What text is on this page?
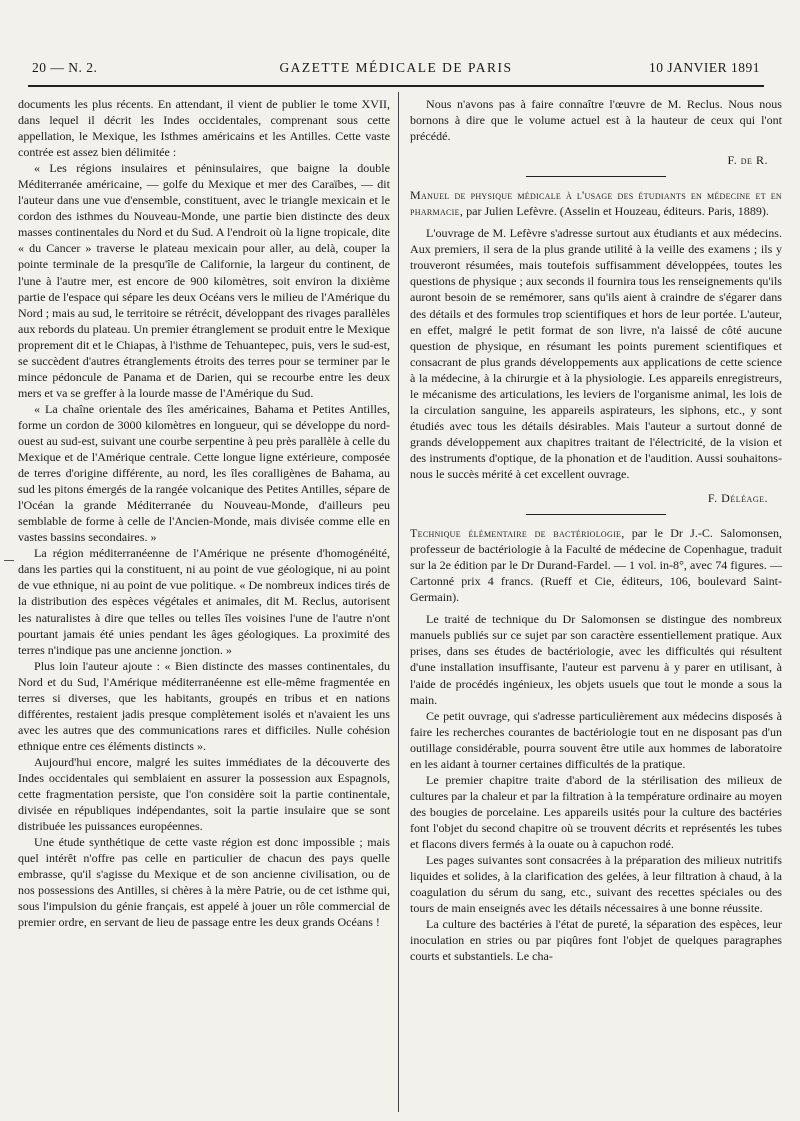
20 — N. 2.	GAZETTE MÉDICALE DE PARIS	10 JANVIER 1891

documents les plus récents. En attendant, il vient de publier le tome XVII, dans lequel il décrit les Indes occidentales, comprenant sous cette appellation, le Mexique, les Isthmes américains et les Antilles. Cette vaste contrée est assez bien délimitée :

« Les régions insulaires et péninsulaires, que baigne la double Méditerranée américaine, — golfe du Mexique et mer des Caraïbes, — dit l'auteur dans une vue d'ensemble, constituent, avec le triangle mexicain et le cordon des isthmes du Nouveau-Monde, une partie bien distincte des deux masses continentales du Nord et du Sud. A l'endroit où la ligne tropicale, dite « du Cancer » traverse le plateau mexicain pour aller, au delà, couper la pointe terminale de la presqu'île de Californie, la largeur du continent, de l'une à l'autre mer, est encore de 900 kilomètres, soit environ la dixième partie de l'espace qui sépare les deux Océans vers le milieu de l'Amérique du Nord ; mais au sud, le territoire se rétrécit, développant des rivages parallèles aux rebords du plateau. Un premier étranglement se produit entre le Mexique proprement dit et le Chiapas, à l'isthme de Tehuantepec, puis, vers le sud-est, se succèdent d'autres étranglements étroits des terres pour se terminer par le mince pédoncule de Panama et de Darien, qui se recourbe entre les deux mers et va se greffer à la lourde masse de l'Amérique du Sud.

« La chaîne orientale des îles américaines, Bahama et Petites Antilles, forme un cordon de 3000 kilomètres en longueur, qui se développe du nord-ouest au sud-est, suivant une courbe serpentine à peu près parallèle à celle du Mexique et de l'Amérique centrale. Cette longue ligne extérieure, composée de terres d'origine différente, au nord, les îles coralligènes de Bahama, au sud les pitons émergés de la rangée volcanique des Petites Antilles, sépare de l'Océan la grande Méditerranée du Nouveau-Monde, d'ailleurs peu semblable de forme à celle de l'Ancien-Monde, mais divisée comme elle en vastes bassins secondaires. »

La région méditerranéenne de l'Amérique ne présente d'homogénéité, dans les parties qui la constituent, ni au point de vue géologique, ni au point de vue ethnique, ni au point de vue politique. « De nombreux indices tirés de la distribution des espèces végétales et animales, dit M. Reclus, autorisent les naturalistes à dire que telles ou telles îles voisines l'une de l'autre n'ont pourtant jamais été unies pendant les âges géologiques. La proximité des terres n'indique pas une ancienne jonction. »

Plus loin l'auteur ajoute : « Bien distincte des masses continentales, du Nord et du Sud, l'Amérique méditerranéenne est elle-même fragmentée en terres si diverses, que les habitants, groupés en tribus et en nations différentes, restaient jadis presque complètement isolés et n'avaient les uns avec les autres que des communications rares et difficiles. Nulle cohésion ethnique entre ces éléments distincts ».

Aujourd'hui encore, malgré les suites immédiates de la découverte des Indes occidentales qui semblaient en assurer la possession aux Espagnols, cette fragmentation persiste, que l'on considère soit la partie continentale, divisée en républiques indépendantes, soit la partie insulaire que se sont distribuée les puissances européennes.

Une étude synthétique de cette vaste région est donc impossible ; mais quel intérêt n'offre pas celle en particulier de chacun des pays quelle embrasse, qu'il s'agisse du Mexique et de son ancienne civilisation, ou de nos possessions des Antilles, si chères à la mère Patrie, ou de cet isthme qui, sous l'impulsion du génie français, est appelé à jouer un rôle commercial de premier ordre, en servant de lieu de passage entre les deux grands Océans !

Nous n'avons pas à faire connaître l'œuvre de M. Reclus. Nous nous bornons à dire que le volume actuel est à la hauteur de ceux qui l'ont précédé.

F. de R.

Manuel de physique médicale à l'usage des étudiants en médecine et en pharmacie, par Julien Lefèvre. (Asselin et Houzeau, éditeurs. Paris, 1889).

L'ouvrage de M. Lefèvre s'adresse surtout aux étudiants et aux médecins. Aux premiers, il sera de la plus grande utilité à la veille des examens ; ils y trouveront résumées, mais toutefois suffisamment développées, toutes les questions de physique ; aux seconds il fournira tous les renseignements qu'ils auront besoin de se remémorer, sans qu'ils aient à craindre de s'égarer dans des détails et des formules trop scientifiques et hors de leur portée. L'auteur, en effet, malgré le petit format de son livre, n'a laissé de côté aucune question de physique, en résumant les points purement scientifiques et consacrant de plus grands développements aux applications de cette science à la médecine, à la chirurgie et à la physiologie. Les appareils enregistreurs, le mécanisme des articulations, les leviers de l'organisme animal, les lois de la circulation sanguine, les appareils aspirateurs, les siphons, etc., y sont étudiés avec tous les détails désirables. Mais l'auteur a surtout donné de grands développement aux chapitres traitant de l'électricité, de la vision et des instruments d'optique, de la phonation et de l'audition. Aussi souhaitons-nous le succès mérité à cet excellent ouvrage.

F. Déléage.

Technique élémentaire de bactériologie, par le Dr J.-C. Salomonsen, professeur de bactériologie à la Faculté de médecine de Copenhague, traduit sur la 2e édition par le Dr Durand-Fardel. — 1 vol. in-8°, avec 74 figures. — Cartonné prix 4 francs. (Rueff et Cie, éditeurs, 106, boulevard Saint-Germain).

Le traité de technique du Dr Salomonsen se distingue des nombreux manuels publiés sur ce sujet par son caractère essentiellement pratique. Aux prises, dans ses études de bactériologie, avec les difficultés qui résultent d'une installation insuffisante, l'auteur est parvenu à y parer en utilisant, à l'aide de procédés ingénieux, les objets usuels que tout le monde a sous la main.

Ce petit ouvrage, qui s'adresse particulièrement aux médecins disposés à faire les recherches courantes de bactériologie tout en ne disposant pas d'un outillage considérable, pourra souvent être utile aux hommes de laboratoire en les aidant à tourner certaines difficultés de la pratique.

Le premier chapitre traite d'abord de la stérilisation des milieux de cultures par la chaleur et par la filtration à la température ordinaire au moyen des bougies de porcelaine. Les appareils usités pour la culture des bactéries font l'objet du second chapitre où se trouvent décrits et représentés les tubes et flacons divers fermés à la ouate ou à capuchon rodé.

Les pages suivantes sont consacrées à la préparation des milieux nutritifs liquides et solides, à la clarification des gelées, à leur filtration à chaud, à la coagulation du sérum du sang, etc., suivant des recettes spéciales ou des tours de main enseignés avec les détails nécessaires à une bonne réussite.

La culture des bactéries à l'état de pureté, la séparation des espèces, leur inoculation en stries ou par piqûres font l'objet de quelques paragraphes courts et substantiels. Le cha-
